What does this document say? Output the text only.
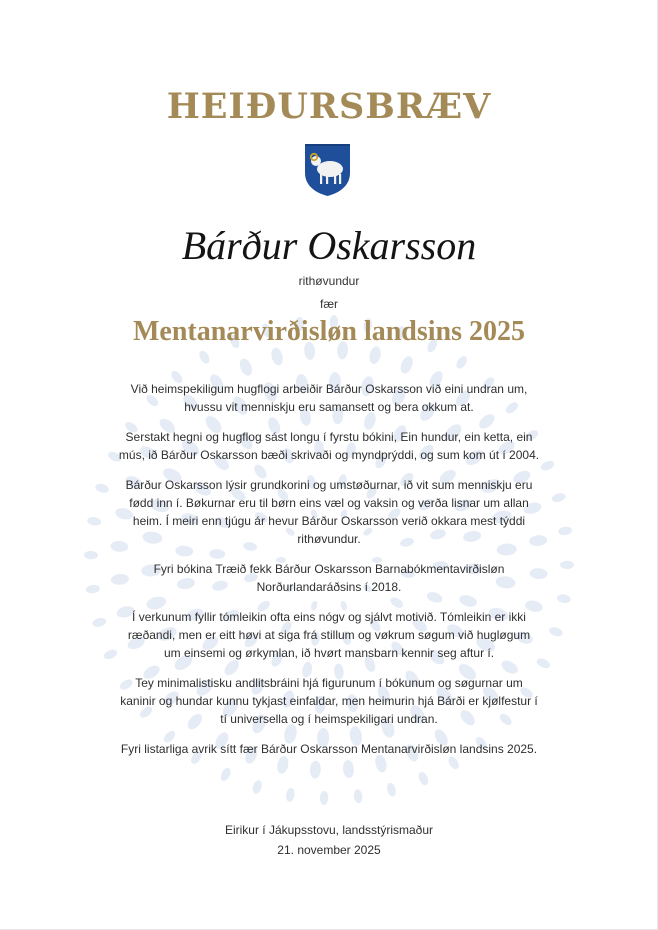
HEIÐURSBRÆV
Bárður Oskarsson
rithøvundur
fær
Mentanarvirðisløn landsins 2025

Við heimspekiligum hugflogi arbeiðir Bárður Oskarsson við eini undran um, hvussu vit menniskju eru samansett og bera okkum at.

Serstakt hegni og hugflog sást longu í fyrstu bókini, Ein hundur, ein ketta, ein mús, ið Bárður Oskarsson bæði skrivaði og myndprýddi, og sum kom út í 2004.

Bárður Oskarsson lýsir grundkorini og umstøðurnar, ið vit sum menniskju eru fødd inn í. Bøkurnar eru til børn eins væl og vaksin og verða lisnar um allan heim. Í meiri enn tjúgu ár hevur Bárður Oskarsson verið okkara mest týddi rithøvundur.

Fyri bókina Træið fekk Bárður Oskarsson Barnabókmentavirðisløn Norðurlandaráðsins í 2018.

Í verkunum fyllir tómleikin ofta eins nógv og sjálvt motivið. Tómleikin er ikki ræðandi, men er eitt høvi at siga frá stillum og vøkrum søgum við hugløgum um einsemi og ørkymlan, ið hvørt mansbarn kennir seg aftur í.

Tey minimalistisku andlitsbráini hjá figurunum í bókunum og søgurnar um kaninir og hundar kunnu tykjast einfaldar, men heimurin hjá Bárði er kjølfestur í tí universella og í heimspekiligari undran.

Fyri listarliga avrik sítt fær Bárður Oskarsson Mentanarvirðisløn landsins 2025.

Eirikur í Jákupsstovu, landsstýrismaður
21. november 2025
